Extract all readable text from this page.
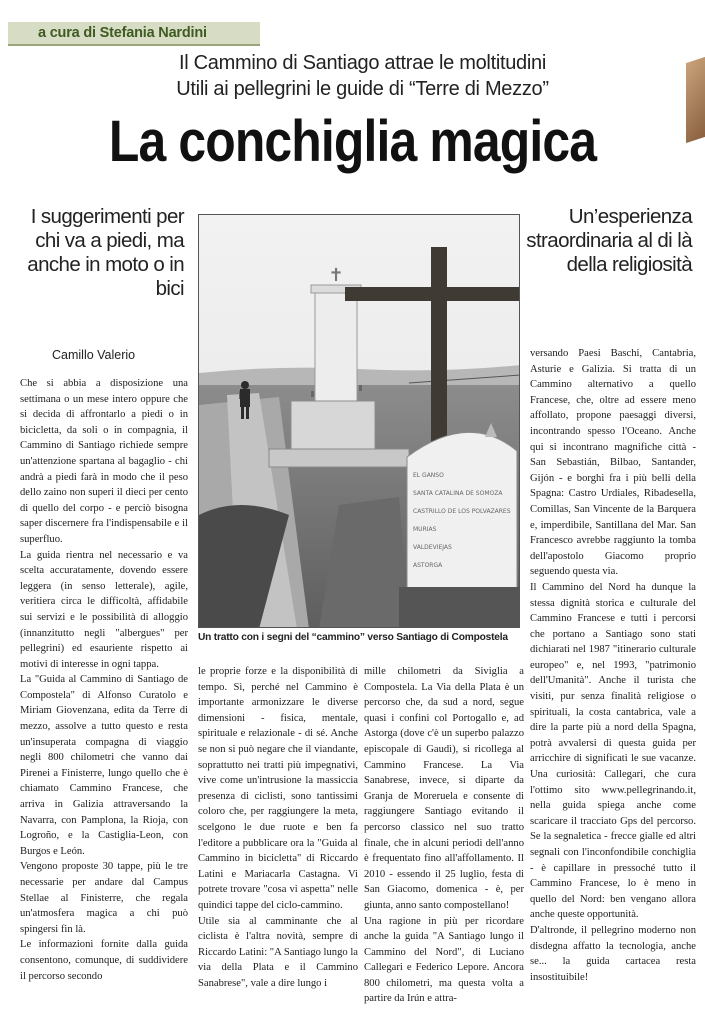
a cura di Stefania Nardini
Il Cammino di Santiago attrae le moltitudini
Utili ai pellegrini le guide di “Terre di Mezzo”
La conchiglia magica
I suggerimenti per chi va a piedi, ma anche in moto o in bici
Un’esperienza straordinaria al di là della religiosità
Camillo Valerio

Che si abbia a disposizione una settimana o un mese intero oppure che si decida di affrontarlo a piedi o in bicicletta, da soli o in compagnia, il Cammino di Santiago richiede sempre un'attenzione spartana al bagaglio - chi andrà a piedi farà in modo che il peso dello zaino non superi il dieci per cento di quello del corpo - e perciò bisogna saper discernere fra l'indispensabile e il superfluo.

La guida rientra nel necessario e va scelta accuratamente, dovendo essere leggera (in senso letterale), agile, veritiera circa le difficoltà, affidabile sui servizi e le possibilità di alloggio (innanzitutto negli "albergues" per pellegrini) ed esauriente rispetto ai motivi di interesse in ogni tappa.

La "Guida al Cammino di Santiago de Compostela" di Alfonso Curatolo e Miriam Giovenzana, edita da Terre di mezzo, assolve a tutto questo e resta un'insuperata compagna di viaggio negli 800 chilometri che vanno dai Pirenei a Finisterre, lungo quello che è chiamato Cammino Francese, che arriva in Galizia attraversando la Navarra, con Pamplona, la Rioja, con Logroño, e la Castiglia-Leon, con Burgos e León.

Vengono proposte 30 tappe, più le tre necessarie per andare dal Campus Stellae al Finisterre, che regala un'atmosfera magica a chi può spingersi fin là.

Le informazioni fornite dalla guida consentono, comunque, di suddividere il percorso secondo

✝
EL GANSO
SANTA CATALINA DE SOMOZA
CASTRILLO DE LOS POLVAZARES
MURIAS
VALDEVIEJAS
ASTORGA
Un tratto con i segni del “cammino” verso Santiago di Compostela

le proprie forze e la disponibilità di tempo. Sì, perché nel Cammino è importante armonizzare le diverse dimensioni - fisica, mentale, spirituale e relazionale - di sé. Anche se non si può negare che il viandante, soprattutto nei tratti più impegnativi, vive come un'intrusione la massiccia presenza di ciclisti, sono tantissimi coloro che, per raggiungere la meta, scelgono le due ruote e ben fa l'editore a pubblicare ora la "Guida al Cammino in bicicletta" di Riccardo Latini e Mariacarla Castagna. Vi potrete trovare "cosa vi aspetta" nelle quindici tappe del ciclo-cammino.

Utile sia al camminante che al ciclista è l'altra novità, sempre di Riccardo Latini: "A Santiago lungo la via della Plata e il Cammino Sanabrese", vale a dire lungo i

mille chilometri da Siviglia a Compostela. La Via della Plata è un percorso che, da sud a nord, segue quasi i confini col Portogallo e, ad Astorga (dove c'è un superbo palazzo episcopale di Gaudì), si ricollega al Cammino Francese. La Via Sanabrese, invece, si diparte da Granja de Moreruela e consente di raggiungere Santiago evitando il percorso classico nel suo tratto finale, che in alcuni periodi dell'anno è frequentato fino all'affollamento. Il 2010 - essendo il 25 luglio, festa di San Giacomo, domenica - è, per giunta, anno santo compostellano!

Una ragione in più per ricordare anche la guida "A Santiago lungo il Cammino del Nord", di Luciano Callegari e Federico Lepore. Ancora 800 chilometri, ma questa volta a partire da Irún e attra-

versando Paesi Baschi, Cantabria, Asturie e Galizia. Si tratta di un Cammino alternativo a quello Francese, che, oltre ad essere meno affollato, propone paesaggi diversi, incontrando spesso l'Oceano. Anche qui si incontrano magnifiche città - San Sebastián, Bilbao, Santander, Gijón - e borghi fra i più belli della Spagna: Castro Urdiales, Ribadesella, Comillas, San Vincente de la Barquera e, imperdibile, Santillana del Mar. San Francesco avrebbe raggiunto la tomba dell'apostolo Giacomo proprio seguendo questa via.

Il Cammino del Nord ha dunque la stessa dignità storica e culturale del Cammino Francese e tutti i percorsi che portano a Santiago sono stati dichiarati nel 1987 "itinerario culturale europeo" e, nel 1993, "patrimonio dell'Umanità". Anche il turista che visiti, pur senza finalità religiose o spirituali, la costa cantabrica, vale a dire la parte più a nord della Spagna, potrà avvalersi di questa guida per arricchire di significati le sue vacanze. Una curiosità: Callegari, che cura l'ottimo sito www.pellegrinando.it, nella guida spiega anche come scaricare il tracciato Gps del percorso. Se la segnaletica - frecce gialle ed altri segnali con l'inconfondibile conchiglia - è capillare in pressoché tutto il Cammino Francese, lo è meno in quello del Nord: ben vengano allora anche queste opportunità.

D'altronde, il pellegrino moderno non disdegna affatto la tecnologia, anche se... la guida cartacea resta insostituibile!
